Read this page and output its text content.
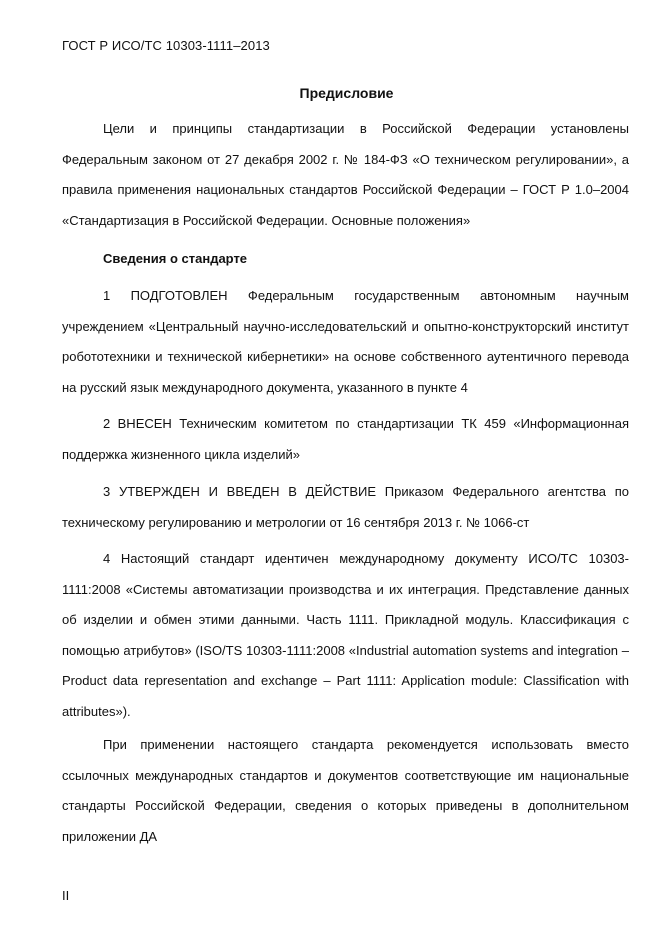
ГОСТ Р ИСО/ТС 10303-1111–2013
Предисловие

Цели и принципы стандартизации в Российской Федерации установлены Федеральным законом от 27 декабря 2002 г. № 184-ФЗ «О техническом регулировании», а правила применения национальных стандартов Российской Федерации – ГОСТ Р 1.0–2004 «Стандартизация в Российской Федерации. Основные положения»

Сведения о стандарте

1 ПОДГОТОВЛЕН Федеральным государственным автономным научным учреждением «Центральный научно-исследовательский и опытно-конструкторский институт робототехники и технической кибернетики» на основе собственного аутентичного перевода на русский язык международного документа, указанного в пункте 4

2 ВНЕСЕН Техническим комитетом по стандартизации ТК 459 «Информационная поддержка жизненного цикла изделий»

3 УТВЕРЖДЕН И ВВЕДЕН В ДЕЙСТВИЕ Приказом Федерального агентства по техническому регулированию и метрологии от 16 сентября 2013 г. № 1066-ст

4 Настоящий стандарт идентичен международному документу ИСО/ТС 10303-1111:2008 «Системы автоматизации производства и их интеграция. Представление данных об изделии и обмен этими данными. Часть 1111. Прикладной модуль. Классификация с помощью атрибутов» (ISO/TS 10303-1111:2008 «Industrial automation systems and integration – Product data representation and exchange – Part 1111: Application module: Classification with attributes»).

При применении настоящего стандарта рекомендуется использовать вместо ссылочных международных стандартов и документов соответствующие им национальные стандарты Российской Федерации, сведения о которых приведены в дополнительном приложении ДА

II
